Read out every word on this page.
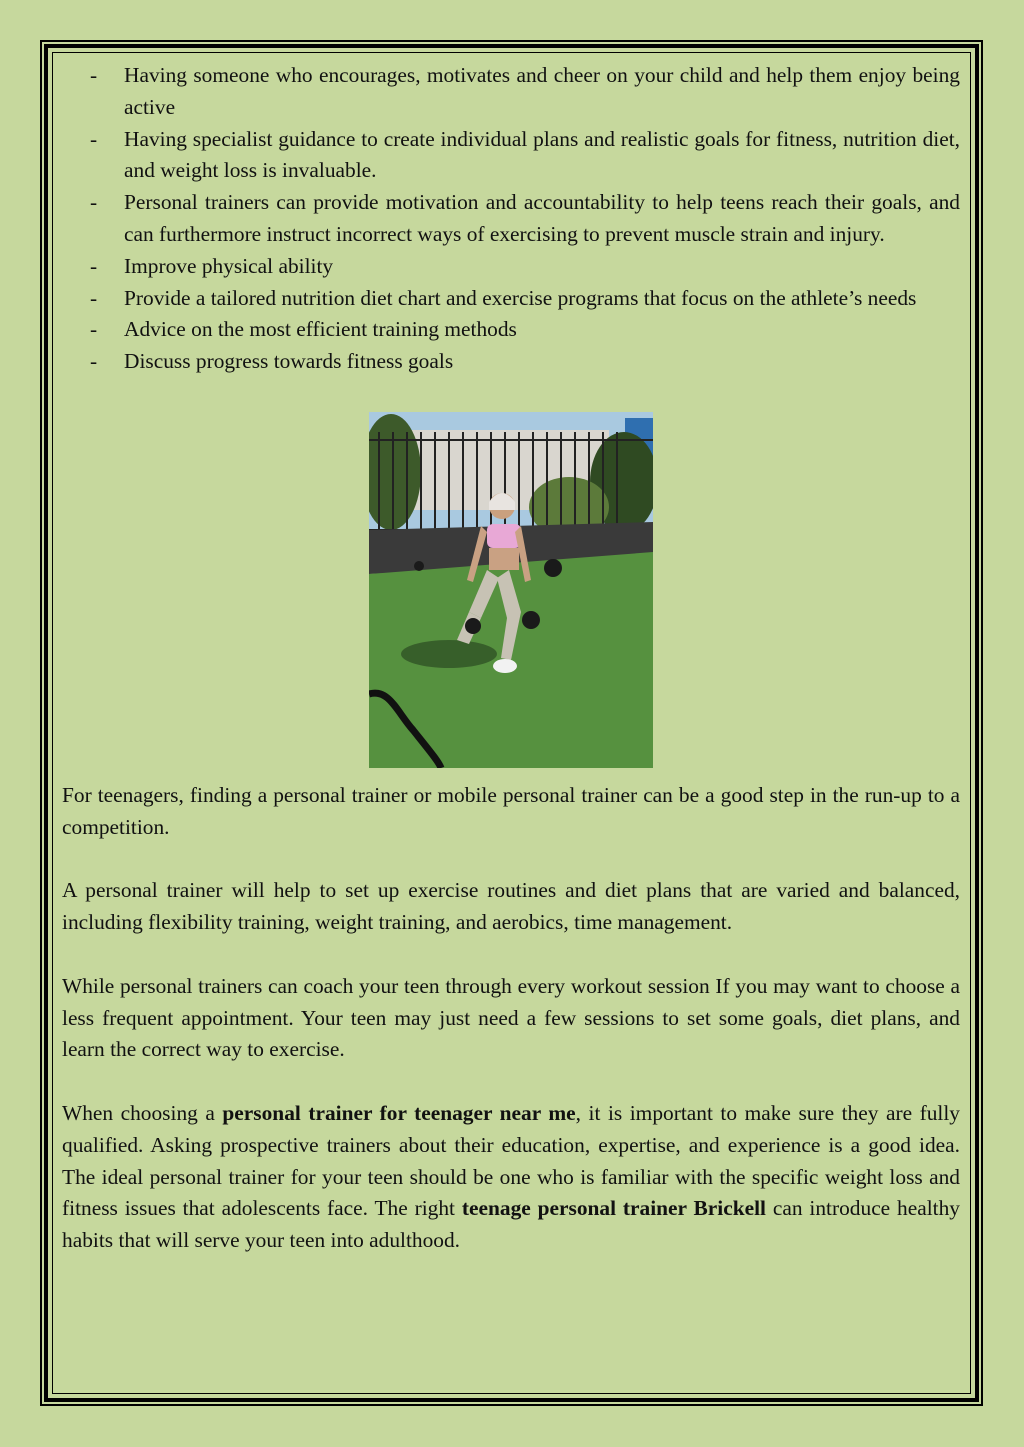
- Having someone who encourages, motivates and cheer on your child and help them enjoy being active
- Having specialist guidance to create individual plans and realistic goals for fitness, nutrition diet, and weight loss is invaluable.
- Personal trainers can provide motivation and accountability to help teens reach their goals, and can furthermore instruct incorrect ways of exercising to prevent muscle strain and injury.
- Improve physical ability
- Provide a tailored nutrition diet chart and exercise programs that focus on the athlete’s needs
- Advice on the most efficient training methods
- Discuss progress towards fitness goals

For teenagers, finding a personal trainer or mobile personal trainer can be a good step in the run-up to a competition.

A personal trainer will help to set up exercise routines and diet plans that are varied and balanced, including flexibility training, weight training, and aerobics, time management.

While personal trainers can coach your teen through every workout session If you may want to choose a less frequent appointment. Your teen may just need a few sessions to set some goals, diet plans, and learn the correct way to exercise.

When choosing a personal trainer for teenager near me, it is important to make sure they are fully qualified. Asking prospective trainers about their education, expertise, and experience is a good idea. The ideal personal trainer for your teen should be one who is familiar with the specific weight loss and fitness issues that adolescents face. The right teenage personal trainer Brickell can introduce healthy habits that will serve your teen into adulthood.
